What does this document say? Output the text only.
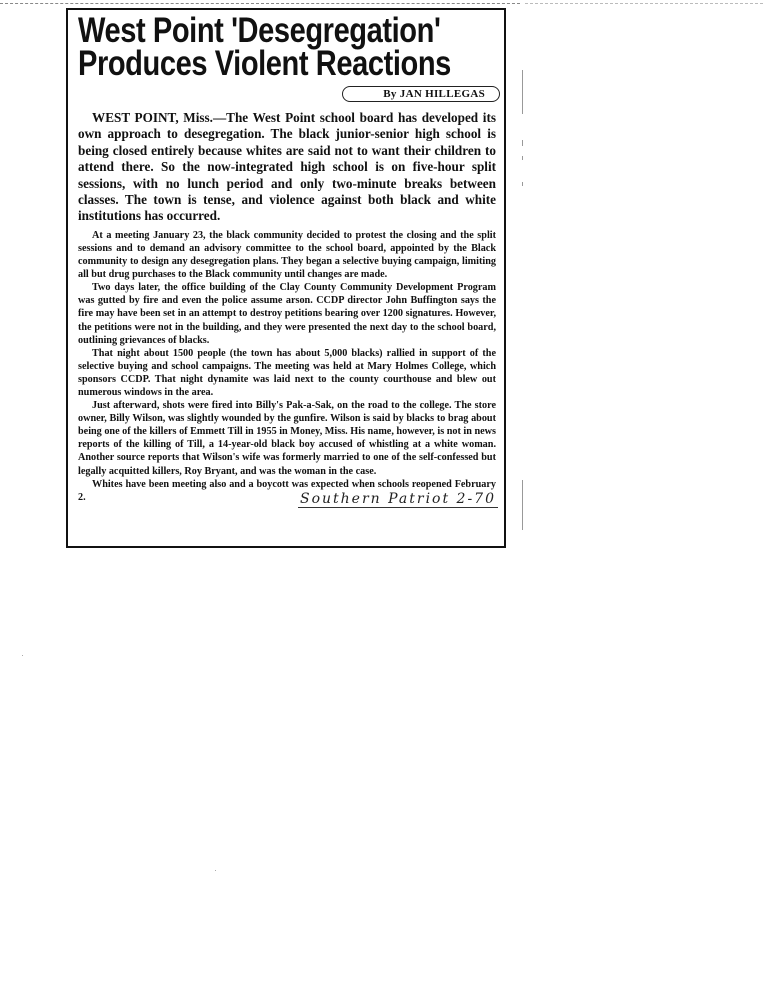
West Point 'Desegregation'
Produces Violent Reactions
By JAN HILLEGAS

WEST POINT, Miss.—The West Point school board has developed its own approach to desegregation. The black junior-senior high school is being closed entirely because whites are said not to want their children to attend there. So the now-integrated high school is on five-hour split sessions, with no lunch period and only two-minute breaks between classes. The town is tense, and violence against both black and white institutions has occurred.

At a meeting January 23, the black community decided to protest the closing and the split sessions and to demand an advisory committee to the school board, appointed by the Black community to design any desegregation plans. They began a selective buying campaign, limiting all but drug purchases to the Black community until changes are made.

Two days later, the office building of the Clay County Community Development Program was gutted by fire and even the police assume arson. CCDP director John Buffington says the fire may have been set in an attempt to destroy petitions bearing over 1200 signatures. However, the petitions were not in the building, and they were presented the next day to the school board, outlining grievances of blacks.

That night about 1500 people (the town has about 5,000 blacks) rallied in support of the selective buying and school campaigns. The meeting was held at Mary Holmes College, which sponsors CCDP. That night dynamite was laid next to the county courthouse and blew out numerous windows in the area.

Just afterward, shots were fired into Billy's Pak-a-Sak, on the road to the college. The store owner, Billy Wilson, was slightly wounded by the gunfire. Wilson is said by blacks to brag about being one of the killers of Emmett Till in 1955 in Money, Miss. His name, however, is not in news reports of the killing of Till, a 14-year-old black boy accused of whistling at a white woman. Another source reports that Wilson's wife was formerly married to one of the self-confessed but legally acquitted killers, Roy Bryant, and was the woman in the case.

Whites have been meeting also and a boycott was expected when schools reopened February 2.	Southern Patriot 2-70
